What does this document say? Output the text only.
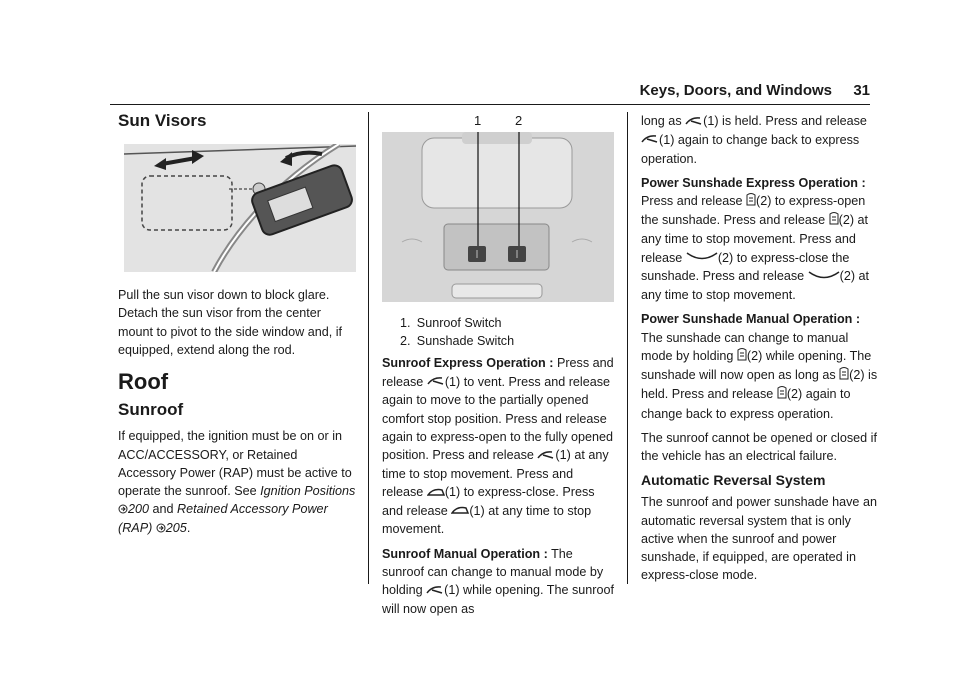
Keys, Doors, and Windows 31
Sun Visors

Pull the sun visor down to block glare. Detach the sun visor from the center mount to pivot to the side window and, if equipped, extend along the rod.

Roof
Sunroof

If equipped, the ignition must be on or in ACC/ACCESSORY, or Retained Accessory Power (RAP) must be active to operate the sunroof. See Ignition Positions 200 and Retained Accessory Power (RAP) 205.

1	2
1. Sunroof Switch
2. Sunshade Switch

Sunroof Express Operation : Press and release (1) to vent. Press and release again to move to the partially opened comfort stop position. Press and release again to express-open to the fully opened position. Press and release (1) at any time to stop movement. Press and release (1) to express-close. Press and release (1) at any time to stop movement.

Sunroof Manual Operation : The sunroof can change to manual mode by holding (1) while opening. The sunroof will now open as

long as (1) is held. Press and release (1) again to change back to express operation.

Power Sunshade Express Operation : Press and release (2) to express-open the sunshade. Press and release (2) at any time to stop movement. Press and release	(2) to express-close the sunshade. Press and release	(2) at any time to stop movement.

Power Sunshade Manual Operation : The sunshade can change to manual mode by holding (2) while opening. The sunshade will now open as long as (2) is held. Press and release (2) again to change back to express operation.

The sunroof cannot be opened or closed if the vehicle has an electrical failure.

Automatic Reversal System

The sunroof and power sunshade have an automatic reversal system that is only active when the sunroof and power sunshade, if equipped, are operated in express-close mode.
